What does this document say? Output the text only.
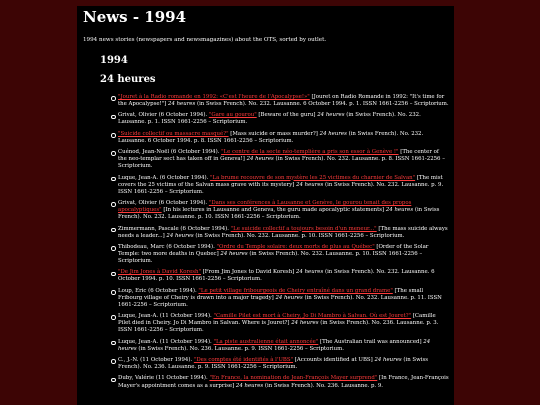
News - 1994
1994 news stories (newspapers and newsmagazines) about the OTS, sorted by outlet.
1994
24 heures
"Jouret à la Radio romande en 1992: «C'est l'heure de l'Apocalypse!»" [Jouret on Radio Romande in 1992: "It's time for the Apocalypse!"] 24 heures (in Swiss French). No. 232. Lausanne. 6 October 1994. p. 1. ISSN 1661-2256 – Scriptorium.
Grivat, Olivier (6 October 1994). "Gare au gourou" [Beware of the guru] 24 heures (in Swiss French). No. 232. Lausanne. p. 1. ISSN 1661-2256 – Scriptorium.
"Suicide collectif ou massacre masqué?" [Mass suicide or mass murder?] 24 heures (in Swiss French). No. 232. Lausanne. 6 October 1994. p. 8. ISSN 1661-2256 – Scriptorium.
Cuénod, Jean-Noël (6 October 1994). "Le centre de la secte néo-templière a pris son essor à Genève !" [The center of the neo-templar sect has taken off in Geneva!] 24 heures (in Swiss French). No. 232. Lausanne. p. 8. ISSN 1661-2256 – Scriptorium.
Luque, Jean-A. (6 October 1994). "La brume recouvre de son mystère les 25 victimes du charnier de Salvan" [The mist covers the 25 victims of the Salvan mass grave with its mystery] 24 heures (in Swiss French). No. 232. Lausanne. p. 9. ISSN 1661-2256 – Scriptorium.
Grivat, Olivier (6 October 1994). "Dans ses conférences à Lausanne et Genève, le gourou tenait des propos apocalyptiques" [In his lectures in Lausanne and Geneva, the guru made apocalyptic statements] 24 heures (in Swiss French). No. 232. Lausanne. p. 10. ISSN 1661-2256 – Scriptorium.
Zimmermann, Pascale (6 October 1994). "Le suicide collectif a toujours besoin d'un meneur..." [The mass suicide always needs a leader...] 24 heures (in Swiss French). No. 232. Lausanne. p. 10. ISSN 1661-2256 – Scriptorium.
Thibodeau, Marc (6 October 1994). "Ordre du Temple solaire: deux morts de plus au Québec" [Order of the Solar Temple: two more deaths in Quebec] 24 heures (in Swiss French). No. 232. Lausanne. p. 10. ISSN 1661-2256 – Scriptorium.
"De Jim Jones à David Koresh" [From Jim Jones to David Koresh] 24 heures (in Swiss French). No. 232. Lausanne. 6 October 1994. p. 10. ISSN 1661-2256 – Scriptorium.
Loup, Eric (6 October 1994). "Le petit village fribourgeois de Cheiry entraîné dans un grand drame" [The small Fribourg village of Cheiry is drawn into a major tragedy] 24 heures (in Swiss French). No. 232. Lausanne. p. 11. ISSN 1661-2256 – Scriptorium.
Luque, Jean-A. (11 October 1994). "Camille Pilet est mort à Cheiry, Jo Di Mambro à Salvan. Où est Jouret?" [Camille Pilet died in Cheiry. Jo Di Mambro in Salvan. Where is Jouret?] 24 heures (in Swiss French). No. 236. Lausanne. p. 3. ISSN 1661-2256 – Scriptorium.
Luque, Jean-A. (11 October 1994). "La piste australienne était annoncée" [The Australian trail was announced] 24 heures (in Swiss French). No. 236. Lausanne. p. 9. ISSN 1661-2256 – Scriptorium.
C., J.-N. (11 October 1994). "Des comptes été identifiés à l'UBS" [Accounts identified at UBS] 24 heures (in Swiss French). No. 236. Lausanne. p. 9. ISSN 1661-2256 – Scriptorium.
Duby, Valérie (11 October 1994). "En France, la nomination de Jean-François Mayer surprend" [In France, Jean-François Mayer's appointment comes as a surprise] 24 heures (in Swiss French). No. 236. Lausanne. p. 9.
